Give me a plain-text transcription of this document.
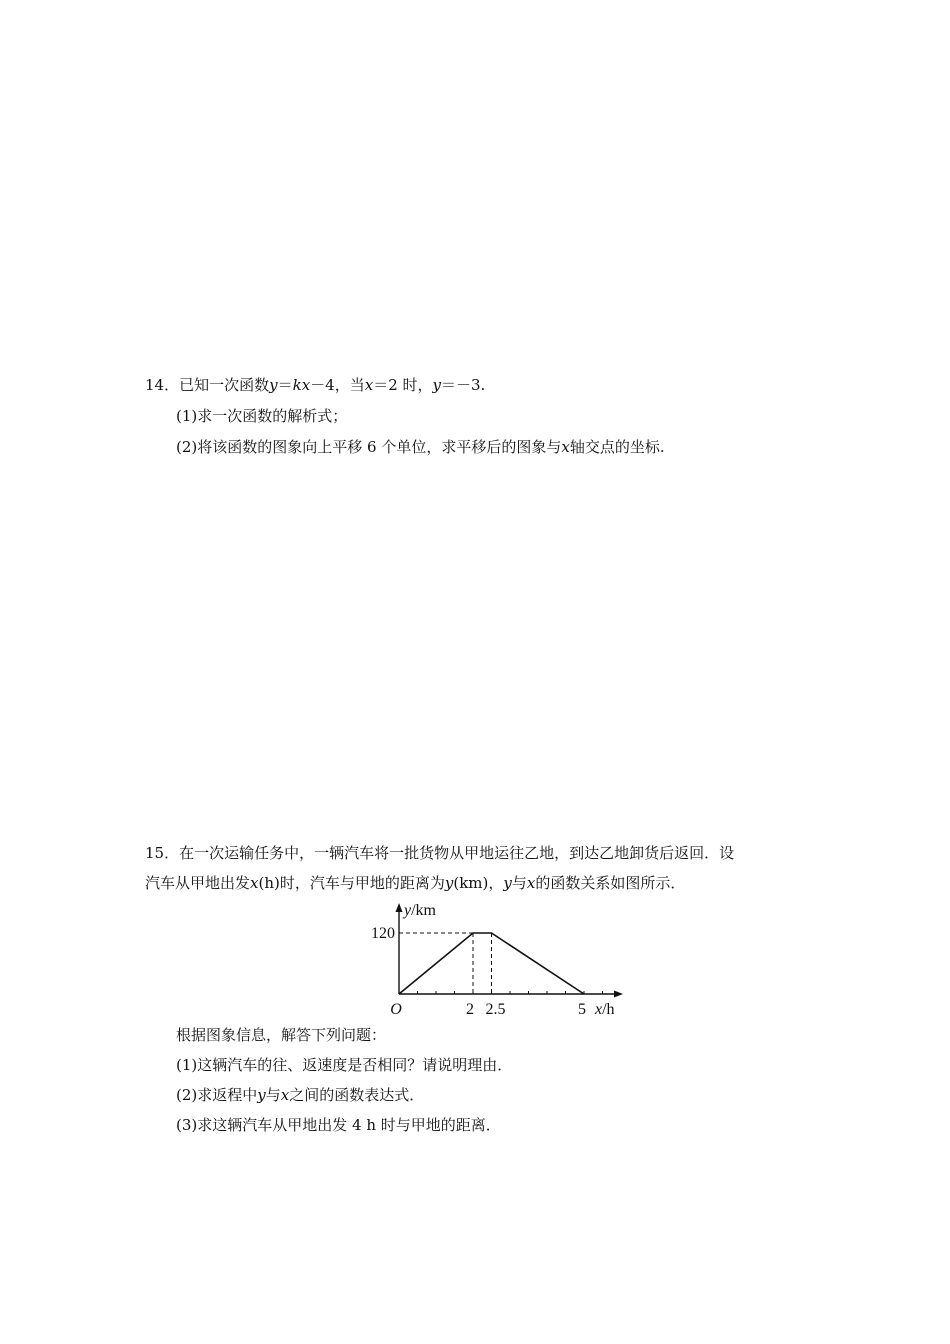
14．已知一次函数y＝kx－4，当x＝2 时，y＝－3.
(1)求一次函数的解析式；
(2)将该函数的图象向上平移 6 个单位，求平移后的图象与x轴交点的坐标.
15．在一次运输任务中，一辆汽车将一批货物从甲地运往乙地，到达乙地卸货后返回．设
汽车从甲地出发x(h)时，汽车与甲地的距离为y(km)，y与x的函数关系如图所示．
120
2 2.5	5
O
y/km
x/h
根据图象信息，解答下列问题：
(1)这辆汽车的往、返速度是否相同？请说明理由．
(2)求返程中y与x之间的函数表达式．
(3)求这辆汽车从甲地出发 4 h 时与甲地的距离．
